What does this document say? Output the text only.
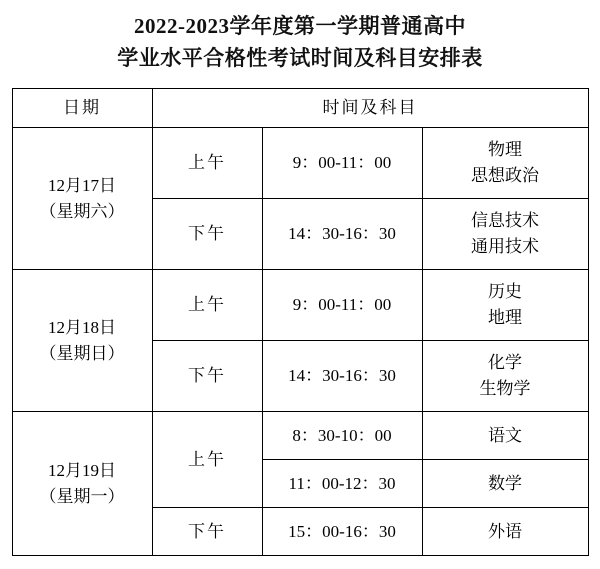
2022-2023学年度第一学期普通高中
学业水平合格性考试时间及科目安排表
日期	时间及科目		

12月17日
（星期六）	上午	9：00-11：00	物理
思想政治

	下午	14：30-16：30	信息技术
通用技术

12月18日
（星期日）	上午	9：00-11：00	历史
地理

	下午	14：30-16：30	化学
生物学

12月19日
（星期一）	上午	8：30-10：00	语文

		11：00-12：30	数学

	下午	15：00-16：30	外语
